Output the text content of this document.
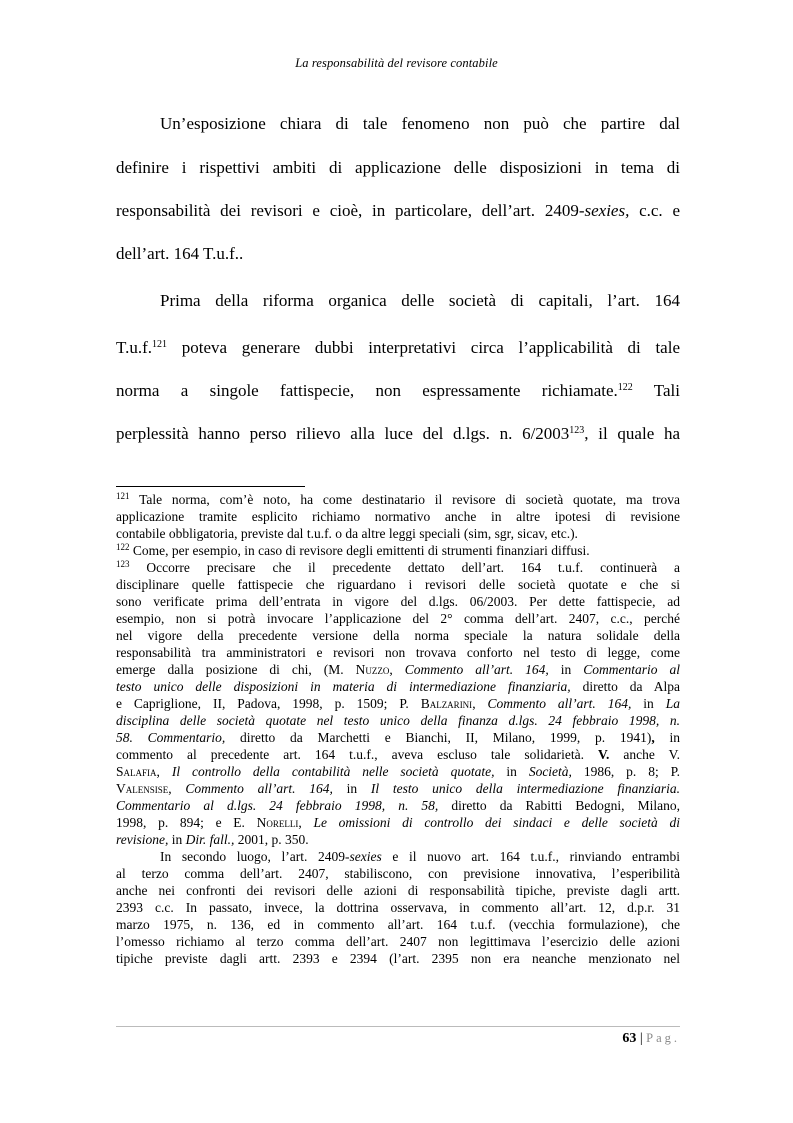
La responsabilità del revisore contabile
Un’esposizione chiara di tale fenomeno non può che partire dal
definire i rispettivi ambiti di applicazione delle disposizioni in tema di
responsabilità dei revisori e cioè, in particolare, dell’art. 2409-sexies, c.c. e
dell’art. 164 T.u.f..
Prima della riforma organica delle società di capitali, l’art. 164
T.u.f.$^{121}$ poteva generare dubbi interpretativi circa l’applicabilità di tale
norma a singole fattispecie, non espressamente richiamate.$^{122}$ Tali
perplessità hanno perso rilievo alla luce del d.lgs. n. 6/2003$^{123}$, il quale ha
$^{121}$ Tale norma, com’è noto, ha come destinatario il revisore di società quotate, ma trova
applicazione tramite esplicito richiamo normativo anche in altre ipotesi di revisione
contabile obbligatoria, previste dal t.u.f. o da altre leggi speciali (sim, sgr, sicav, etc.).
$^{122}$ Come, per esempio, in caso di revisore degli emittenti di strumenti finanziari diffusi.
$^{123}$ Occorre precisare che il precedente dettato dell’art. 164 t.u.f. continuerà a
disciplinare quelle fattispecie che riguardano i revisori delle società quotate e che si
sono verificate prima dell’entrata in vigore del d.lgs. 06/2003. Per dette fattispecie, ad
esempio, non si potrà invocare l’applicazione del 2° comma dell’art. 2407, c.c., perché
nel vigore della precedente versione della norma speciale la natura solidale della
responsabilità tra amministratori e revisori non trovava conforto nel testo di legge, come
emerge dalla posizione di chi, (M. Nuzzo, Commento all’art. 164, in Commentario al
testo unico delle disposizioni in materia di intermediazione finanziaria, diretto da Alpa
e Capriglione, II, Padova, 1998, p. 1509; P. Balzarini, Commento all’art. 164, in La
disciplina delle società quotate nel testo unico della finanza d.lgs. 24 febbraio 1998, n.
58. Commentario, diretto da Marchetti e Bianchi, II, Milano, 1999, p. 1941), in
commento al precedente art. 164 t.u.f., aveva escluso tale solidarietà. V. anche V.
Salafia, Il controllo della contabilità nelle società quotate, in Società, 1986, p. 8; P.
Valensise, Commento all’art. 164, in Il testo unico della intermediazione finanziaria.
Commentario al d.lgs. 24 febbraio 1998, n. 58, diretto da Rabitti Bedogni, Milano,
1998, p. 894; e E. Norelli, Le omissioni di controllo dei sindaci e delle società di
revisione, in Dir. fall., 2001, p. 350.
In secondo luogo, l’art. 2409-sexies e il nuovo art. 164 t.u.f., rinviando entrambi
al terzo comma dell’art. 2407, stabiliscono, con previsione innovativa, l’esperibilità
anche nei confronti dei revisori delle azioni di responsabilità tipiche, previste dagli artt.
2393 c.c. In passato, invece, la dottrina osservava, in commento all’art. 12, d.p.r. 31
marzo 1975, n. 136, ed in commento all’art. 164 t.u.f. (vecchia formulazione), che
l’omesso richiamo al terzo comma dell’art. 2407 non legittimava l’esercizio delle azioni
tipiche previste dagli artt. 2393 e 2394 (l’art. 2395 non era neanche menzionato nel
63 | Pag.
